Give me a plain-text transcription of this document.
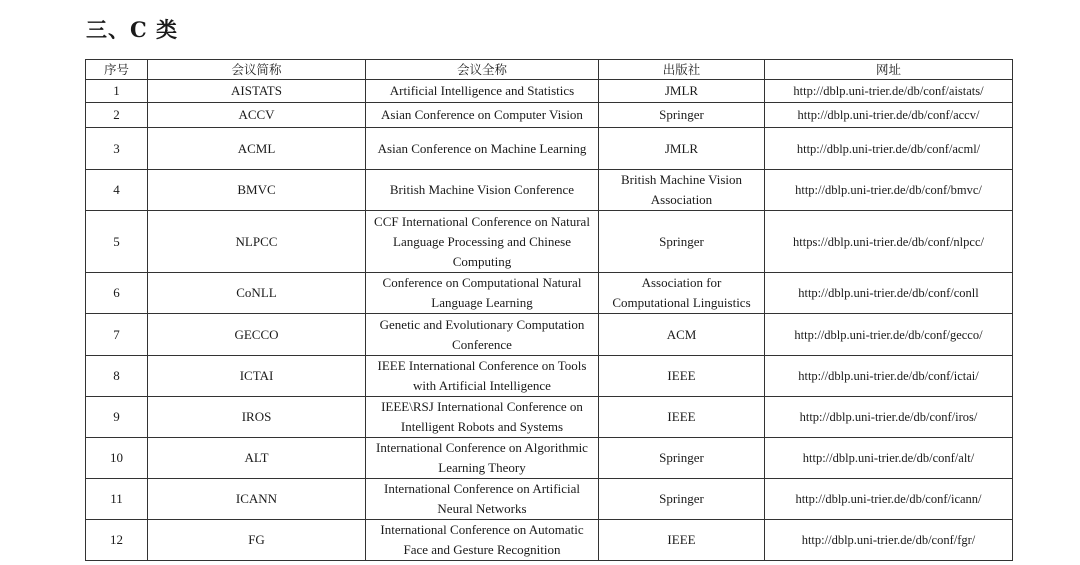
三、C 类
序号	会议简称	会议全称	出版社	网址
1	AISTATS	Artificial Intelligence and Statistics	JMLR	http://dblp.uni-trier.de/db/conf/aistats/
2	ACCV	Asian Conference on Computer Vision	Springer	http://dblp.uni-trier.de/db/conf/accv/
3	ACML	Asian Conference on Machine Learning	JMLR	http://dblp.uni-trier.de/db/conf/acml/
4	BMVC	British Machine Vision Conference	British Machine Vision Association	http://dblp.uni-trier.de/db/conf/bmvc/
5	NLPCC	CCF International Conference on Natural Language Processing and Chinese Computing	Springer	https://dblp.uni-trier.de/db/conf/nlpcc/
6	CoNLL	Conference on Computational Natural Language Learning	Association for Computational Linguistics	http://dblp.uni-trier.de/db/conf/conll
7	GECCO	Genetic and Evolutionary Computation Conference	ACM	http://dblp.uni-trier.de/db/conf/gecco/
8	ICTAI	IEEE International Conference on Tools with Artificial Intelligence	IEEE	http://dblp.uni-trier.de/db/conf/ictai/
9	IROS	IEEE\RSJ International Conference on Intelligent Robots and Systems	IEEE	http://dblp.uni-trier.de/db/conf/iros/
10	ALT	International Conference on Algorithmic Learning Theory	Springer	http://dblp.uni-trier.de/db/conf/alt/
11	ICANN	International Conference on Artificial Neural Networks	Springer	http://dblp.uni-trier.de/db/conf/icann/
12	FG	International Conference on Automatic Face and Gesture Recognition	IEEE	http://dblp.uni-trier.de/db/conf/fgr/
